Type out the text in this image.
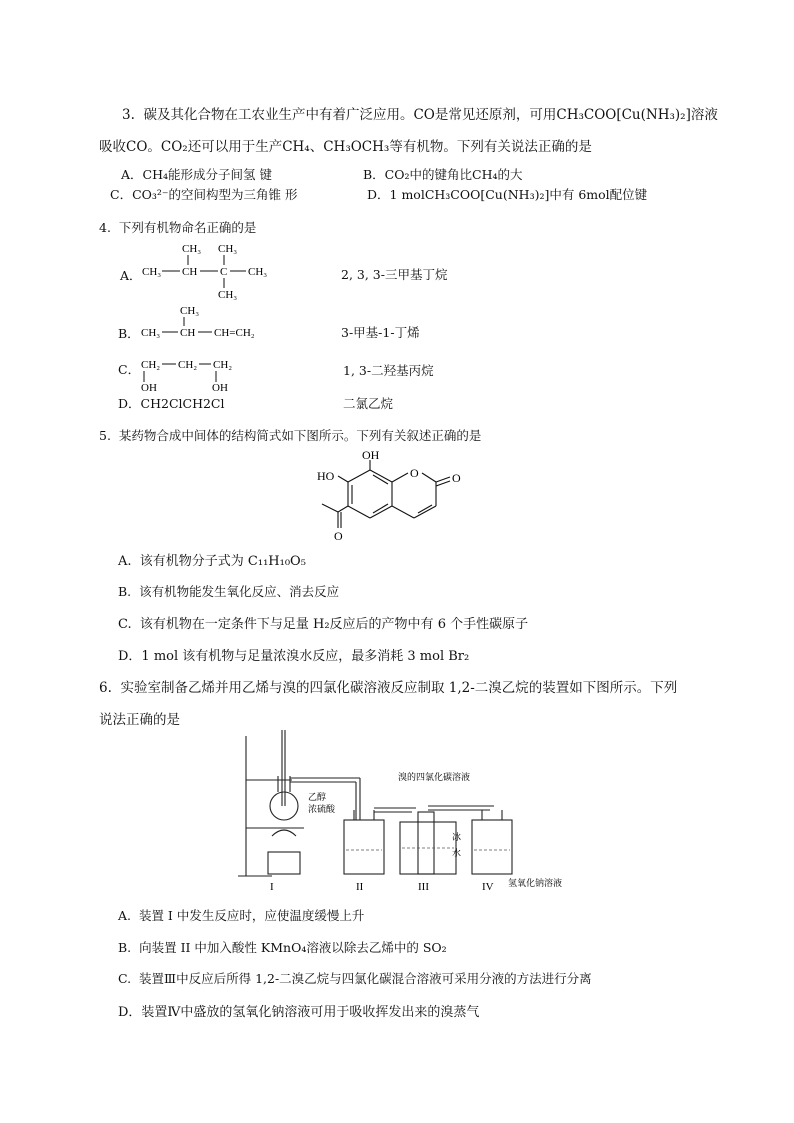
3.  碳及其化合物在工农业生产中有着广泛应用。CO是常见还原剂，可用CH₃COO[Cu(NH₃)₂]溶液
吸收CO。CO₂还可以用于生产CH₄、CH₃OCH₃等有机物。下列有关说法正确的是
A．CH₄能形成分子间氢 键	B．CO₂中的键角比CH₄的大
C．CO₃²⁻的空间构型为三角锥 形	D．1 molCH₃COO[Cu(NH₃)₂]中有 6mol配位键
4.  下列有机物命名正确的是
A．
CH₃ CH₃
CH₃ CH C CH₃
CH₃
2, 3, 3-三甲基丁烷
B．
CH₃
CH₃ CH CH=CH₂	3-甲基-1-丁烯
C． CH₂ CH₂ CH₂
OH	OH
1, 3-二羟基丙烷
D．CH2ClCH2Cl	二氯乙烷
5.  某药物合成中间体的结构简式如下图所示。下列有关叙述正确的是
OH
HO	O	O
O
A.  该有机物分子式为 C₁₁H₁₀O₅
B.  该有机物能发生氧化反应、消去反应
C.  该有机物在一定条件下与足量 H₂反应后的产物中有 6 个手性碳原子
D．1 mol 该有机物与足量浓溴水反应，最多消耗 3 mol Br₂
6.  实验室制备乙烯并用乙烯与溴的四氯化碳溶液反应制取 1,2-二溴乙烷的装置如下图所示。下列
说法正确的是
乙醇
浓硫酸
溴的四氯化碳溶液
冰
水
氢氧化钠溶液
I	II	III	IV
A.  装置 I 中发生反应时，应使温度缓慢上升
B.  向装置 II 中加入酸性 KMnO₄溶液以除去乙烯中的 SO₂
C.  装置Ⅲ中反应后所得 1,2-二溴乙烷与四氯化碳混合溶液可采用分液的方法进行分离
D．装置Ⅳ中盛放的氢氧化钠溶液可用于吸收挥发出来的溴蒸气
